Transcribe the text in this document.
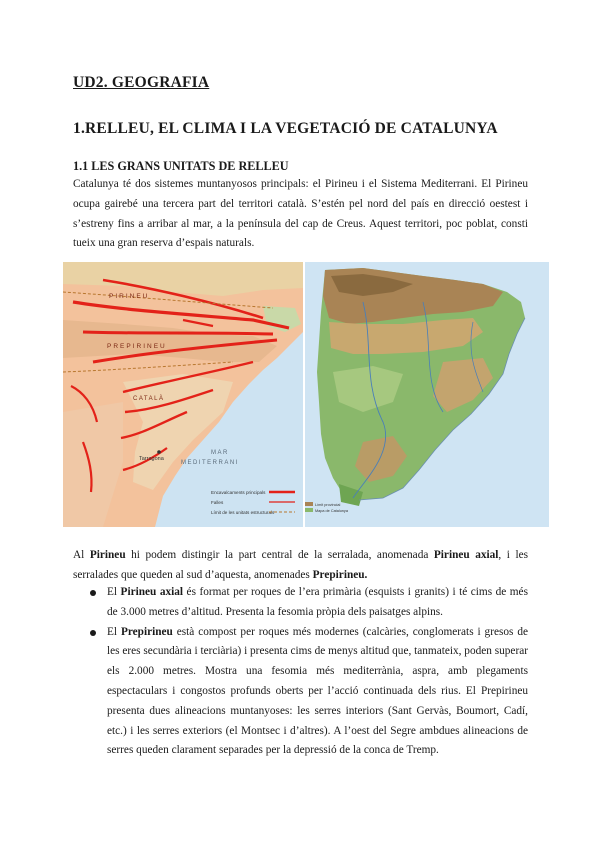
UD2. GEOGRAFIA
1.RELLEU, EL CLIMA I LA VEGETACIÓ DE CATALUNYA
1.1 LES GRANS UNITATS DE RELLEU

Catalunya té dos sistemes muntanyosos principals: el Pirineu i el Sistema Mediterrani. El Pirineu ocupa gairebé una tercera part del territori català. S’estén pel nord del país en direcció oestest i s’estreny fins a arribar al mar, a la península del cap de Creus. Aquest territori, poc poblat, consti tueix una gran reserva d’espais naturals.

PIRINEU
PREPIRINEU
CATALÀ
MAR
MEDITERRANI
Tarragona
Encavalcaments principals
Falles
Límit de les unitats estructurals
Límit provincial
Mapa de Catalunya

Al Pirineu hi podem distingir la part central de la serralada, anomenada Pirineu axial, i les serralades que queden al sud d’aquesta, anomenades Prepirineu.

El Pirineu axial és format per roques de l’era primària (esquists i granits) i té cims de més de 3.000 metres d’altitud. Presenta la fesomia pròpia dels paisatges alpins.
El Prepirineu està compost per roques més modernes (calcàries, conglomerats i gresos de les eres secundària i terciària) i presenta cims de menys altitud que, tanmateix, poden superar els 2.000 metres. Mostra una fesomia més mediterrània, aspra, amb plegaments espectaculars i congostos profunds oberts per l’acció continuada dels rius. El Prepirineu presenta dues alineacions muntanyoses: les serres interiors (Sant Gervàs, Boumort, Cadí, etc.) i les serres exteriors (el Montsec i d’altres). A l’oest del Segre ambdues alineacions de serres queden clarament separades per la depressió de la conca de Tremp.
